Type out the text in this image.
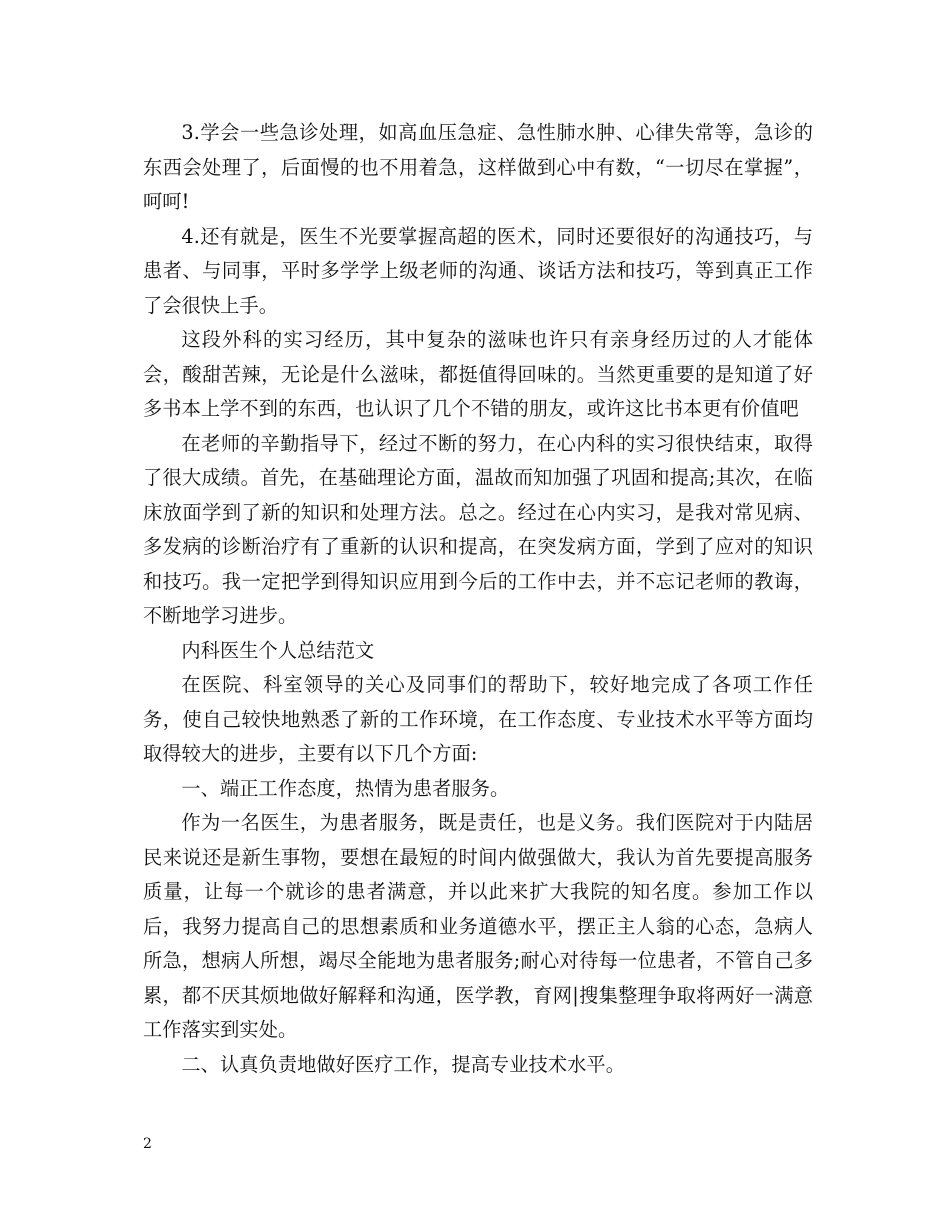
3.学会一些急诊处理，如高血压急症、急性肺水肿、心律失常等，急诊的东西会处理了，后面慢的也不用着急，这样做到心中有数，“一切尽在掌握”，呵呵!

4.还有就是，医生不光要掌握高超的医术，同时还要很好的沟通技巧，与患者、与同事，平时多学学上级老师的沟通、谈话方法和技巧，等到真正工作了会很快上手。

这段外科的实习经历，其中复杂的滋味也许只有亲身经历过的人才能体会，酸甜苦辣，无论是什么滋味，都挺值得回味的。当然更重要的是知道了好多书本上学不到的东西，也认识了几个不错的朋友，或许这比书本更有价值吧

在老师的辛勤指导下，经过不断的努力，在心内科的实习很快结束，取得了很大成绩。首先，在基础理论方面，温故而知加强了巩固和提高;其次，在临床放面学到了新的知识和处理方法。总之。经过在心内实习，是我对常见病、多发病的诊断治疗有了重新的认识和提高，在突发病方面，学到了应对的知识和技巧。我一定把学到得知识应用到今后的工作中去，并不忘记老师的教诲，不断地学习进步。

内科医生个人总结范文

在医院、科室领导的关心及同事们的帮助下，较好地完成了各项工作任务，使自己较快地熟悉了新的工作环境，在工作态度、专业技术水平等方面均取得较大的进步，主要有以下几个方面:

一、端正工作态度，热情为患者服务。

作为一名医生，为患者服务，既是责任，也是义务。我们医院对于内陆居民来说还是新生事物，要想在最短的时间内做强做大，我认为首先要提高服务质量，让每一个就诊的患者满意，并以此来扩大我院的知名度。参加工作以后，我努力提高自己的思想素质和业务道德水平，摆正主人翁的心态，急病人所急，想病人所想，竭尽全能地为患者服务;耐心对待每一位患者，不管自己多累，都不厌其烦地做好解释和沟通，医学教，育网|搜集整理争取将两好一满意工作落实到实处。

二、认真负责地做好医疗工作，提高专业技术水平。

2
